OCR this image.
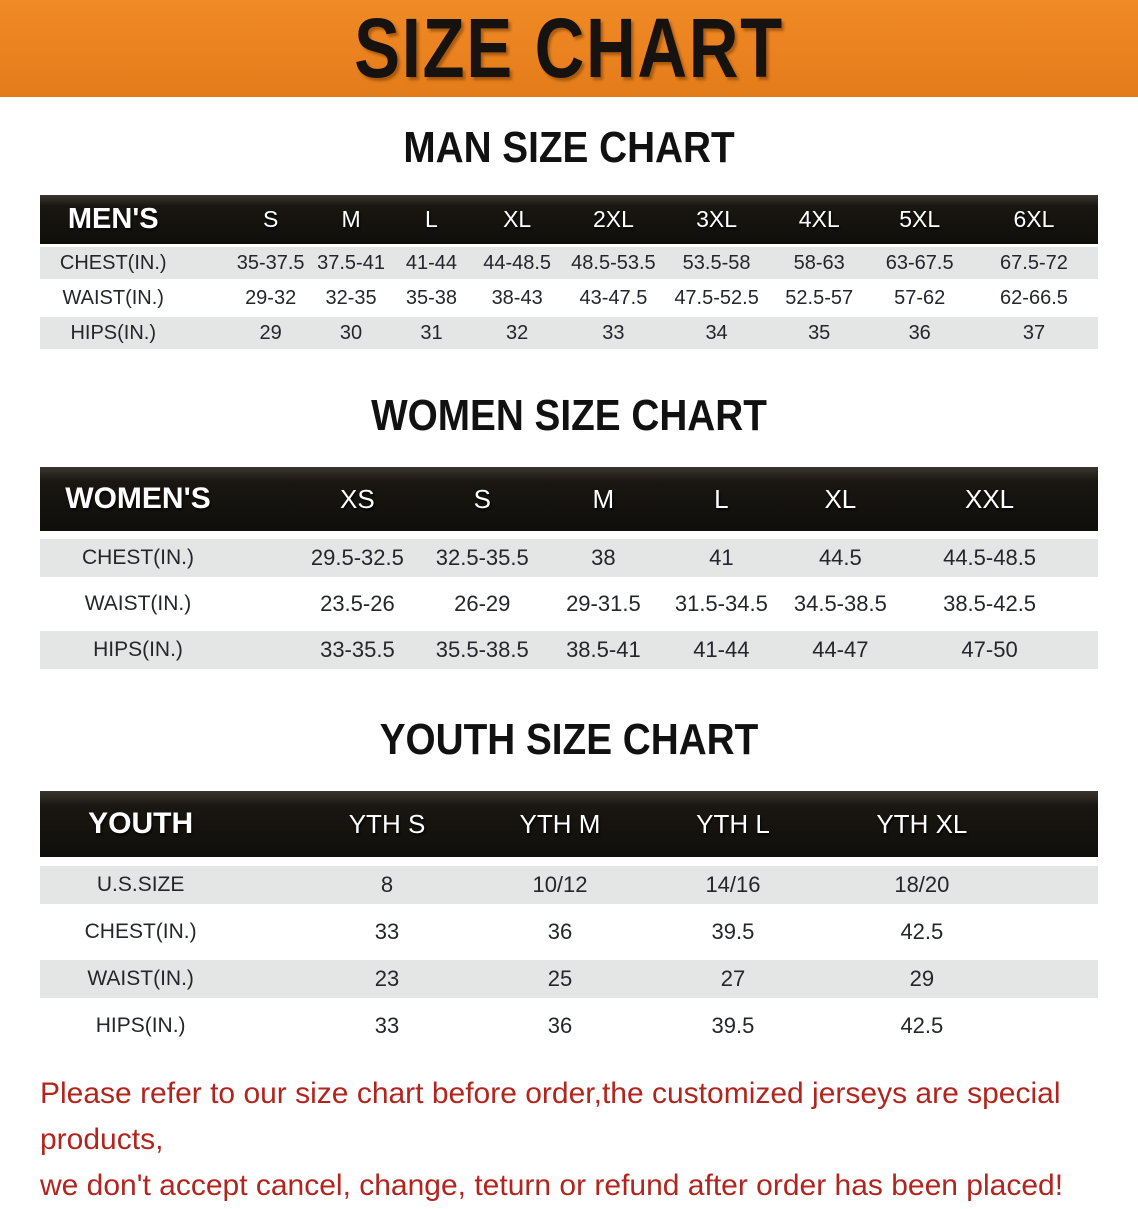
SIZE CHART
MAN SIZE CHART
MEN'S	S	M	L	XL	2XL	3XL	4XL	5XL	6XL
CHEST(IN.)	35-37.5	37.5-41	41-44	44-48.5	48.5-53.5	53.5-58	58-63	63-67.5	67.5-72
WAIST(IN.)	29-32	32-35	35-38	38-43	43-47.5	47.5-52.5	52.5-57	57-62	62-66.5
HIPS(IN.)	29	30	31	32	33	34	35	36	37
WOMEN SIZE CHART
WOMEN'S	XS	S	M	L	XL	XXL
CHEST(IN.)	29.5-32.5	32.5-35.5	38	41	44.5	44.5-48.5
WAIST(IN.)	23.5-26	26-29	29-31.5	31.5-34.5	34.5-38.5	38.5-42.5
HIPS(IN.)	33-35.5	35.5-38.5	38.5-41	41-44	44-47	47-50
YOUTH SIZE CHART
YOUTH	YTH S	YTH M	YTH L	YTH XL
U.S.SIZE	8	10/12	14/16	18/20
CHEST(IN.)	33	36	39.5	42.5
WAIST(IN.)	23	25	27	29
HIPS(IN.)	33	36	39.5	42.5

Please refer to our size chart before order,the customized jerseys are special products,
we don't accept cancel, change, teturn or refund after order has been placed!
